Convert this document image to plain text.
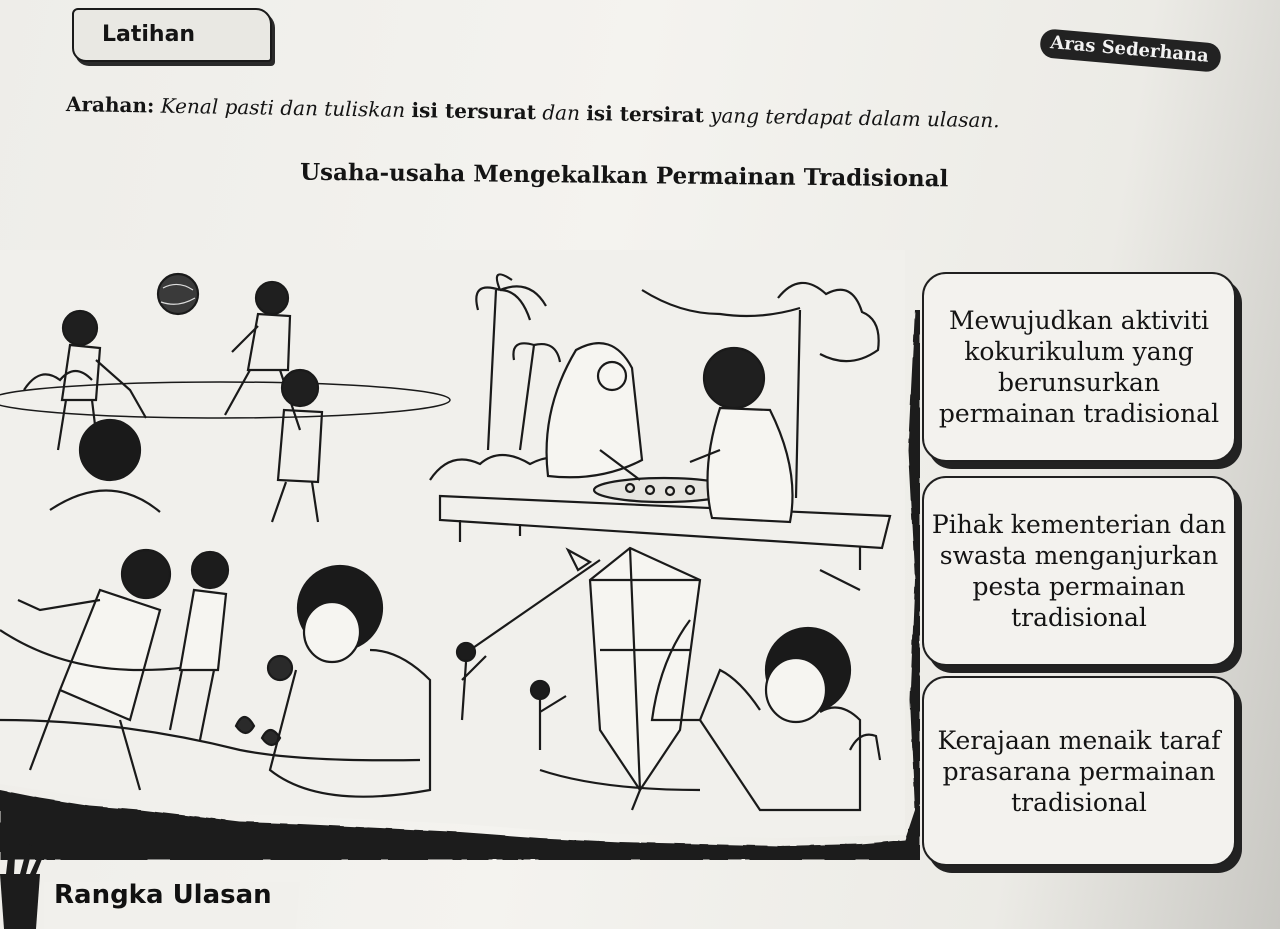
Latihan	Aras Sederhana
Arahan: Kenal pasti dan tuliskan isi tersurat dan isi tersirat yang terdapat dalam ulasan.
Usaha-usaha Mengekalkan Permainan Tradisional
Mewujudkan aktiviti kokurikulum yang berunsurkan permainan tradisional
Pihak kementerian dan swasta menganjurkan pesta permainan tradisional
Kerajaan menaik taraf prasarana permainan tradisional
Rangka Ulasan
